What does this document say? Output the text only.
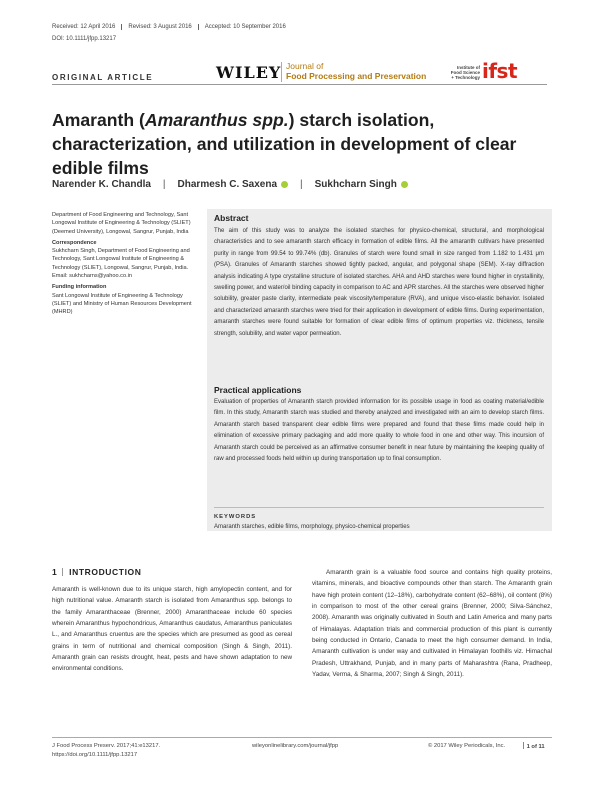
Received: 12 April 2016	Revised: 3 August 2016	Accepted: 10 September 2016
DOI: 10.1111/jfpp.13217
ORIGINAL ARTICLE	WILEY Journal of
Food Processing and Preservation
Institute of Food Science + Technology ifst
Amaranth (Amaranthus spp.) starch isolation, characterization, and utilization in development of clear edible films
Narender K. Chandla | Dharmesh C. Saxena | Sukhcharn Singh
Department of Food Engineering and Technology, Sant Longowal Institute of Engineering & Technology (SLIET) (Deemed University), Longowal, Sangrur, Punjab, India
Correspondence
Sukhcharn Singh, Department of Food Engineering and Technology, Sant Longowal Institute of Engineering & Technology (SLIET), Longowal, Sangrur, Punjab, India.
Email: sukhcharns@yahoo.co.in
Funding information
Sant Longowal Institute of Engineering & Technology (SLIET) and Ministry of Human Resources Development (MHRD)
Abstract
The aim of this study was to analyze the isolated starches for physico-chemical, structural, and morphological characteristics and to see amaranth starch efficacy in formation of edible films. All the amaranth cultivars have presented purity in range from 99.54 to 99.74% (db). Granules of starch were found small in size ranged from 1.182 to 1.431 μm (PSA). Granules of Amaranth starches showed tightly packed, angular, and polygonal shape (SEM). X-ray diffraction analysis indicating A type crystalline structure of isolated starches. AHA and AHD starches were found higher in crystallinity, swelling power, and water/oil binding capacity in comparison to AC and APR starches. All the starches were observed higher solubility, greater paste clarity, intermediate peak viscosity/temperature (RVA), and unique visco-elastic behavior. Isolated and characterized amaranth starches were tried for their application in development of edible films. During experimentation, amaranth starches were found suitable for formation of clear edible films of optimum properties viz. thickness, tensile strength, solubility, and water vapor permeation.
Practical applications
Evaluation of properties of Amaranth starch provided information for its possible usage in food as coating material/edible film. In this study, Amaranth starch was studied and thereby analyzed and investigated with an aim to develop starch films. Amaranth starch based transparent clear edible films were prepared and found that these films made could help in elimination of excessive primary packaging and add more quality to whole food in one and other way. This incursion of Amaranth starch could be perceived as an affirmative consumer benefit in near future by maintaining the keeping quality of raw and processed foods held within up during transportation up to final consumption.
KEYWORDS
Amaranth starches, edible films, morphology, physico-chemical properties
1 INTRODUCTION
Amaranth is well-known due to its unique starch, high amylopectin content, and for high nutritional value. Amaranth starch is isolated from Amaranthus spp. belongs to the family Amaranthaceae (Brenner, 2000) Amaranthaceae include 60 species wherein Amaranthus hypochondricus, Amaranthus caudatus, Amaranthus paniculates L., and Amaranthus cruentus are the species which are presumed as good as cereal grains in term of nutritional and chemical composition (Singh & Singh, 2011). Amaranth grain can resists drought, heat, pests and have shown adaptation to new environmental conditions.
Amaranth grain is a valuable food source and contains high quality proteins, vitamins, minerals, and bioactive compounds other than starch. The Amaranth grain have high protein content (12–18%), carbohydrate content (62–68%), oil content (8%) in comparison to most of the other cereal grains (Brenner, 2000; Silva-Sánchez, 2008). Amaranth was originally cultivated in South and Latin America and many parts of Himalayas. Adaptation trials and commercial production of this plant is currently being conducted in Ontario, Canada to meet the high consumer demand. In India, Amaranth cultivation is under way and cultivated in Himalayan foothills viz. Himachal Pradesh, Uttrakhand, Punjab, and in many parts of Maharashtra (Rana, Pradheep, Yadav, Verma, & Sharma, 2007; Singh & Singh, 2011).
J Food Process Preserv. 2017;41:e13217.
https://doi.org/10.1111/jfpp.13217
wileyonlinelibrary.com/journal/jfpp	© 2017 Wiley Periodicals, Inc.	1 of 11
